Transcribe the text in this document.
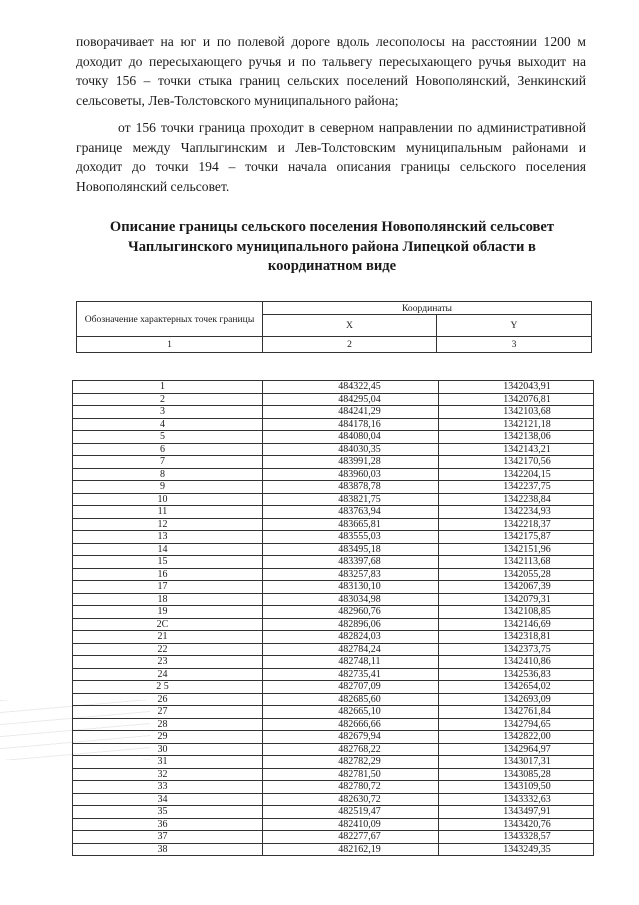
поворачивает на юг и по полевой дороге вдоль лесополосы на расстоянии 1200 м доходит до пересыхающего ручья и по тальвегу пересыхающего ручья выходит на точку 156 – точки стыка границ сельских поселений Новополянский, Зенкинский сельсоветы, Лев-Толстовского муниципального района;

от 156 точки граница проходит в северном направлении по административной границе между Чаплыгинским и Лев-Толстовским муниципальным районами и доходит до точки 194 – точки начала описания границы сельского поселения Новополянский сельсовет.

Описание границы сельского поселения Новополянский сельсовет Чаплыгинского муниципального района Липецкой области в координатном виде

Обозначение характерных точек границы	Координаты	
	X	Y
1	2	3
1	484322,45	1342043,91
2	484295,04	1342076,81
3	484241,29	1342103,68
4	484178,16	1342121,18
5	484080,04	1342138,06
6	484030,35	1342143,21
7	483991,28	1342170,56
8	483960,03	1342204,15
9	483878,78	1342237,75
10	483821,75	1342238,84
11	483763,94	1342234,93
12	483665,81	1342218,37
13	483555,03	1342175,87
14	483495,18	1342151,96
15	483397,68	1342113,68
16	483257,83	1342055,28
17	483130,10	1342067,39
18	483034,98	1342079,31
19	482960,76	1342108,85
2C	482896,06	1342146,69
21	482824,03	1342318,81
22	482784,24	1342373,75
23	482748,11	1342410,86
24	482735,41	1342536,83
2 5	482707,09	1342654,02
26	482685,60	1342693,09
27	482665,10	1342761,84
28	482666,66	1342794,65
29	482679,94	1342822,00
30	482768,22	1342964,97
31	482782,29	1343017,31
32	482781,50	1343085,28
33	482780,72	1343109,50
34	482630,72	1343332,63
35	482519,47	1343497,91
36	482410,09	1343420,76
37	482277,67	1343328,57
38	482162,19	1343249,35
